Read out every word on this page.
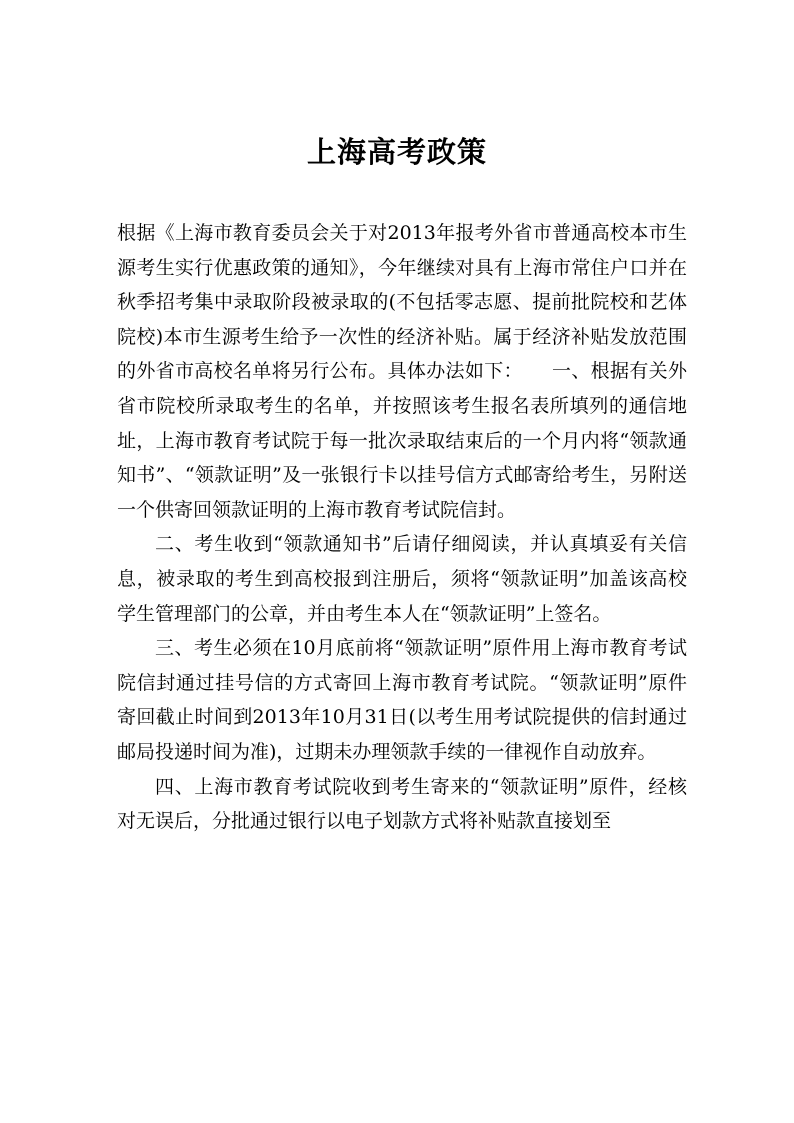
上海高考政策

根据《上海市教育委员会关于对2013年报考外省市普通高校本市生源考生实行优惠政策的通知》，今年继续对具有上海市常住户口并在秋季招考集中录取阶段被录取的(不包括零志愿、提前批院校和艺体院校)本市生源考生给予一次性的经济补贴。属于经济补贴发放范围的外省市高校名单将另行公布。具体办法如下：　　一、根据有关外省市院校所录取考生的名单，并按照该考生报名表所填列的通信地址，上海市教育考试院于每一批次录取结束后的一个月内将“领款通知书”、“领款证明”及一张银行卡以挂号信方式邮寄给考生，另附送一个供寄回领款证明的上海市教育考试院信封。

二、考生收到“领款通知书”后请仔细阅读，并认真填妥有关信息，被录取的考生到高校报到注册后，须将“领款证明”加盖该高校学生管理部门的公章，并由考生本人在“领款证明”上签名。

三、考生必须在10月底前将“领款证明”原件用上海市教育考试院信封通过挂号信的方式寄回上海市教育考试院。“领款证明”原件寄回截止时间到2013年10月31日(以考生用考试院提供的信封通过邮局投递时间为准)，过期未办理领款手续的一律视作自动放弃。

四、上海市教育考试院收到考生寄来的“领款证明”原件，经核对无误后，分批通过银行以电子划款方式将补贴款直接划至
